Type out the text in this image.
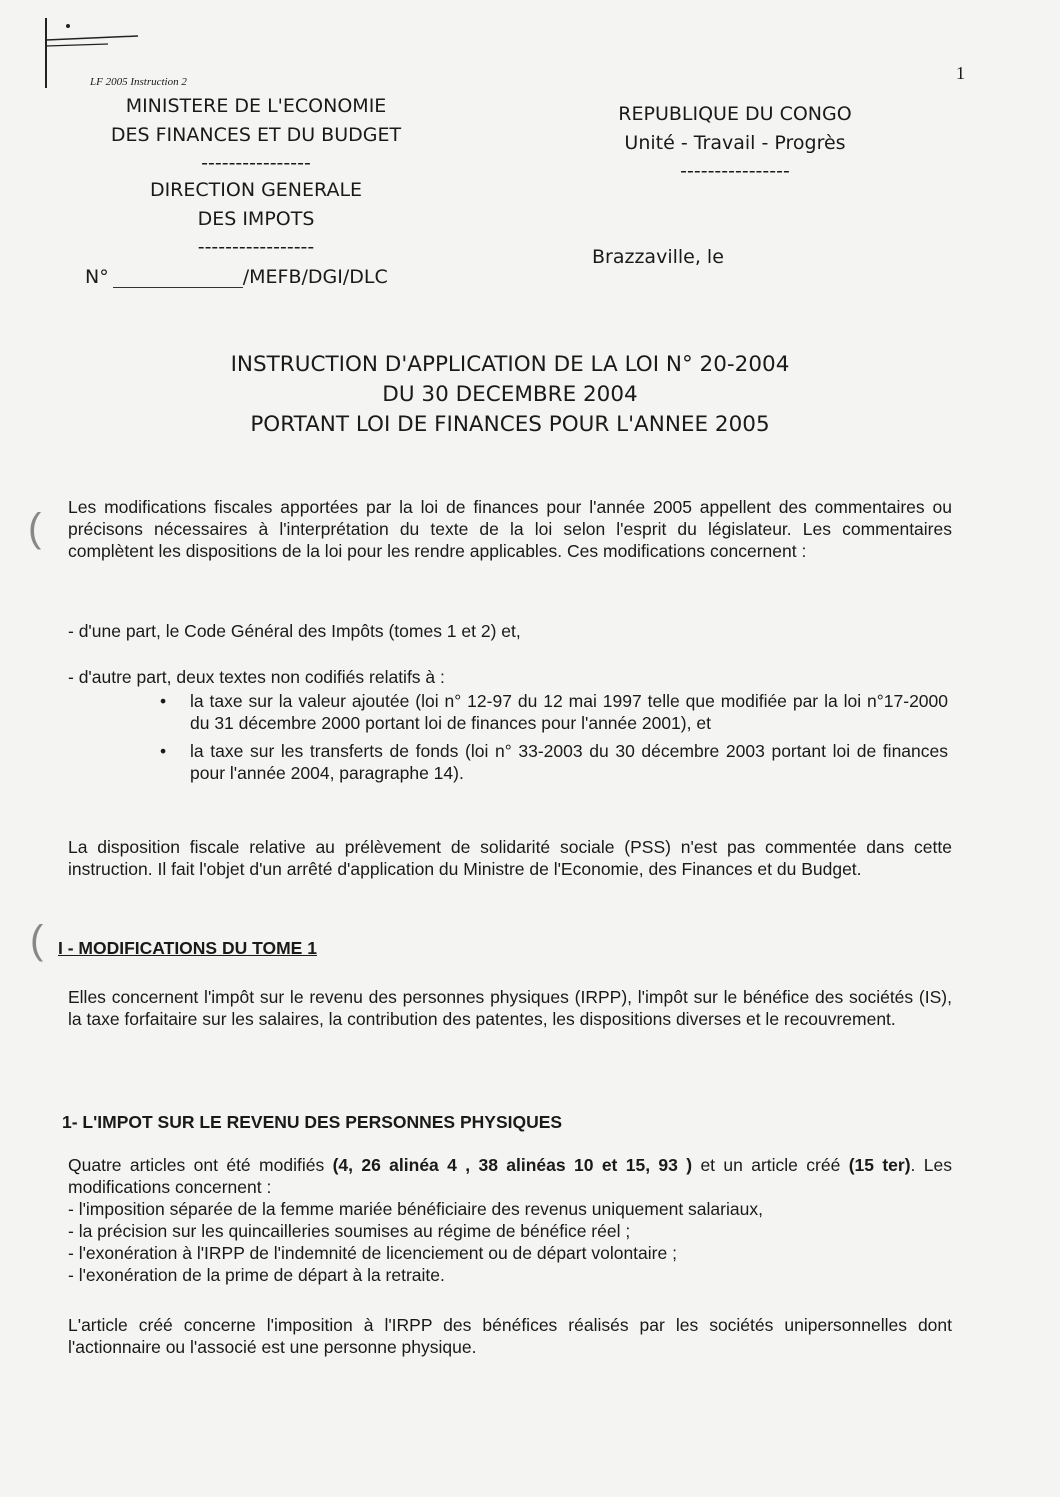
LF 2005 Instruction 2	1
MINISTERE DE L'ECONOMIE
DES FINANCES ET DU BUDGET
----------------
DIRECTION GENERALE
DES IMPOTS
-----------------
REPUBLIQUE DU CONGO
Unité - Travail - Progrès
----------------
N°	/MEFB/DGI/DLC
Brazzaville, le
INSTRUCTION D'APPLICATION DE LA LOI N° 20-2004
DU 30 DECEMBRE 2004
PORTANT LOI DE FINANCES POUR L'ANNEE 2005
Les modifications fiscales apportées par la loi de finances pour l'année 2005 appellent des commentaires ou précisons nécessaires à l'interprétation du texte de la loi selon l'esprit du législateur. Les commentaires complètent les dispositions de la loi pour les rendre applicables. Ces modifications concernent :
- d'une part, le Code Général des Impôts (tomes 1 et 2) et,
- d'autre part, deux textes non codifiés relatifs à :
• la taxe sur la valeur ajoutée (loi n° 12-97 du 12 mai 1997 telle que modifiée par la loi n°17-2000 du 31 décembre 2000 portant loi de finances pour l'année 2001), et
• la taxe sur les transferts de fonds (loi n° 33-2003 du 30 décembre 2003 portant loi de finances pour l'année 2004, paragraphe 14).
La disposition fiscale relative au prélèvement de solidarité sociale (PSS) n'est pas commentée dans cette instruction. Il fait l'objet d'un arrêté d'application du Ministre de l'Economie, des Finances et du Budget.
I - MODIFICATIONS DU TOME 1
Elles concernent l'impôt sur le revenu des personnes physiques (IRPP), l'impôt sur le bénéfice des sociétés (IS), la taxe forfaitaire sur les salaires, la contribution des patentes, les dispositions diverses et le recouvrement.
1- L'IMPOT SUR LE REVENU DES PERSONNES PHYSIQUES
Quatre articles ont été modifiés (4, 26 alinéa 4 , 38 alinéas 10 et 15, 93 ) et un article créé (15 ter). Les modifications concernent :
- l'imposition séparée de la femme mariée bénéficiaire des revenus uniquement salariaux,
- la précision sur les quincailleries soumises au régime de bénéfice réel ;
- l'exonération à l'IRPP de l'indemnité de licenciement ou de départ volontaire ;
- l'exonération de la prime de départ à la retraite.
L'article créé concerne l'imposition à l'IRPP des bénéfices réalisés par les sociétés unipersonnelles dont l'actionnaire ou l'associé est une personne physique.
(
(
